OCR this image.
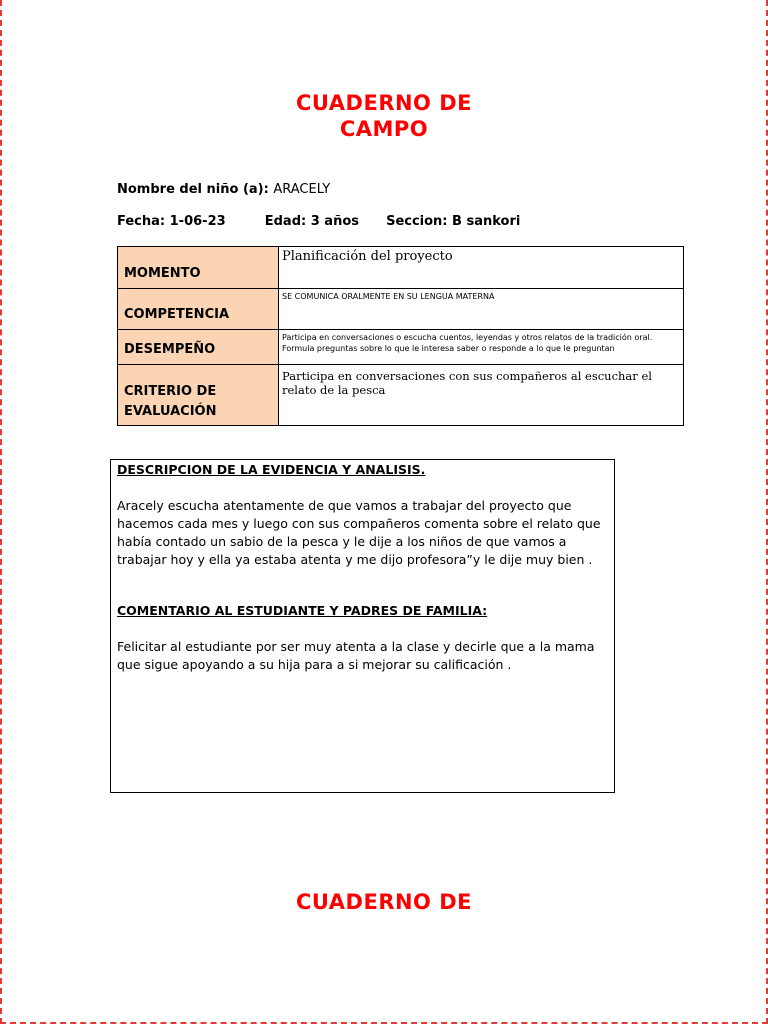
CUADERNO DE
CAMPO
Nombre del niño (a): ARACELY
Fecha: 1-06-23	Edad: 3 años Seccion: B sankori
MOMENTO	Planificación del proyecto
COMPETENCIA	SE COMUNICA ORALMENTE EN SU LENGUA MATERNA
DESEMPEÑO	Participa en conversaciones o escucha cuentos, leyendas y otros relatos de la tradición oral. Formula preguntas sobre lo que le interesa saber o responde a lo que le preguntan
CRITERIO DE EVALUACIÓN	Participa en conversaciones con sus compañeros al escuchar el relato de la pesca

DESCRIPCION DE LA EVIDENCIA Y ANALISIS.

Aracely escucha atentamente de que vamos a trabajar del proyecto que hacemos cada mes y luego con sus compañeros comenta sobre el relato que había contado un sabio de la pesca y le dije a los niños de que vamos a trabajar hoy y ella ya estaba atenta y me dijo profesora”y le dije muy bien .

COMENTARIO AL ESTUDIANTE Y PADRES DE FAMILIA:

Felicitar al estudiante por ser muy atenta a la clase y decirle que a la mama que sigue apoyando a su hija para a si mejorar su calificación .

CUADERNO DE
